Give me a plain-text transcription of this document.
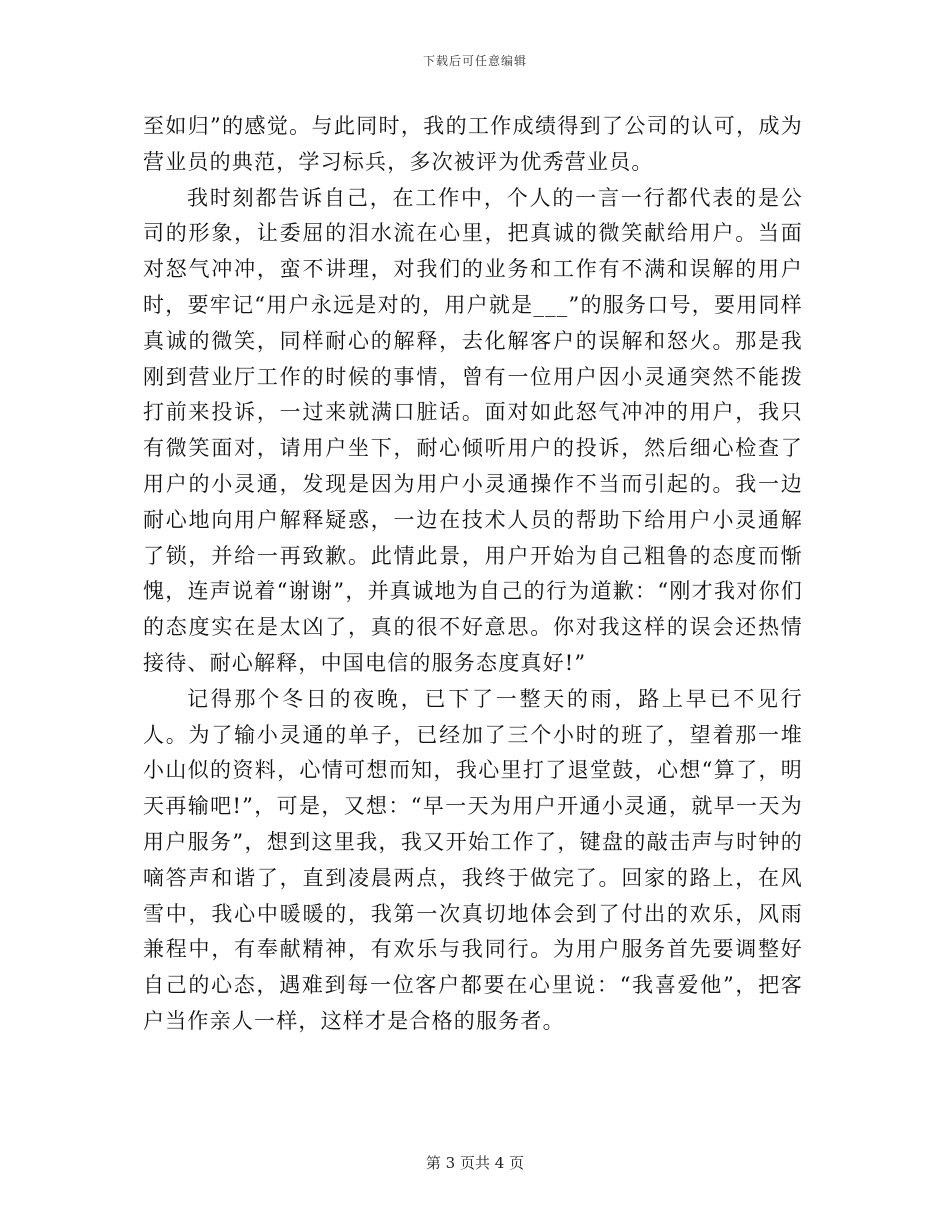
下载后可任意编辑

至如归”的感觉。与此同时，我的工作成绩得到了公司的认可，成为营业员的典范，学习标兵，多次被评为优秀营业员。

我时刻都告诉自己，在工作中，个人的一言一行都代表的是公司的形象，让委屈的泪水流在心里，把真诚的微笑献给用户。当面对怒气冲冲，蛮不讲理，对我们的业务和工作有不满和误解的用户时，要牢记“用户永远是对的，用户就是___”的服务口号，要用同样真诚的微笑，同样耐心的解释，去化解客户的误解和怒火。那是我刚到营业厅工作的时候的事情，曾有一位用户因小灵通突然不能拨打前来投诉，一过来就满口脏话。面对如此怒气冲冲的用户，我只有微笑面对，请用户坐下，耐心倾听用户的投诉，然后细心检查了用户的小灵通，发现是因为用户小灵通操作不当而引起的。我一边耐心地向用户解释疑惑，一边在技术人员的帮助下给用户小灵通解了锁，并给一再致歉。此情此景，用户开始为自己粗鲁的态度而惭愧，连声说着“谢谢”，并真诚地为自己的行为道歉：“刚才我对你们的态度实在是太凶了，真的很不好意思。你对我这样的误会还热情接待、耐心解释，中国电信的服务态度真好!”

记得那个冬日的夜晚，已下了一整天的雨，路上早已不见行人。为了输小灵通的单子，已经加了三个小时的班了，望着那一堆小山似的资料，心情可想而知，我心里打了退堂鼓，心想“算了，明天再输吧!”，可是，又想：“早一天为用户开通小灵通，就早一天为用户服务”，想到这里我，我又开始工作了，键盘的敲击声与时钟的嘀答声和谐了，直到凌晨两点，我终于做完了。回家的路上，在风雪中，我心中暖暖的，我第一次真切地体会到了付出的欢乐，风雨兼程中，有奉献精神，有欢乐与我同行。为用户服务首先要调整好自己的心态，遇难到每一位客户都要在心里说：“我喜爱他”，把客户当作亲人一样，这样才是合格的服务者。

第 3 页共 4 页
